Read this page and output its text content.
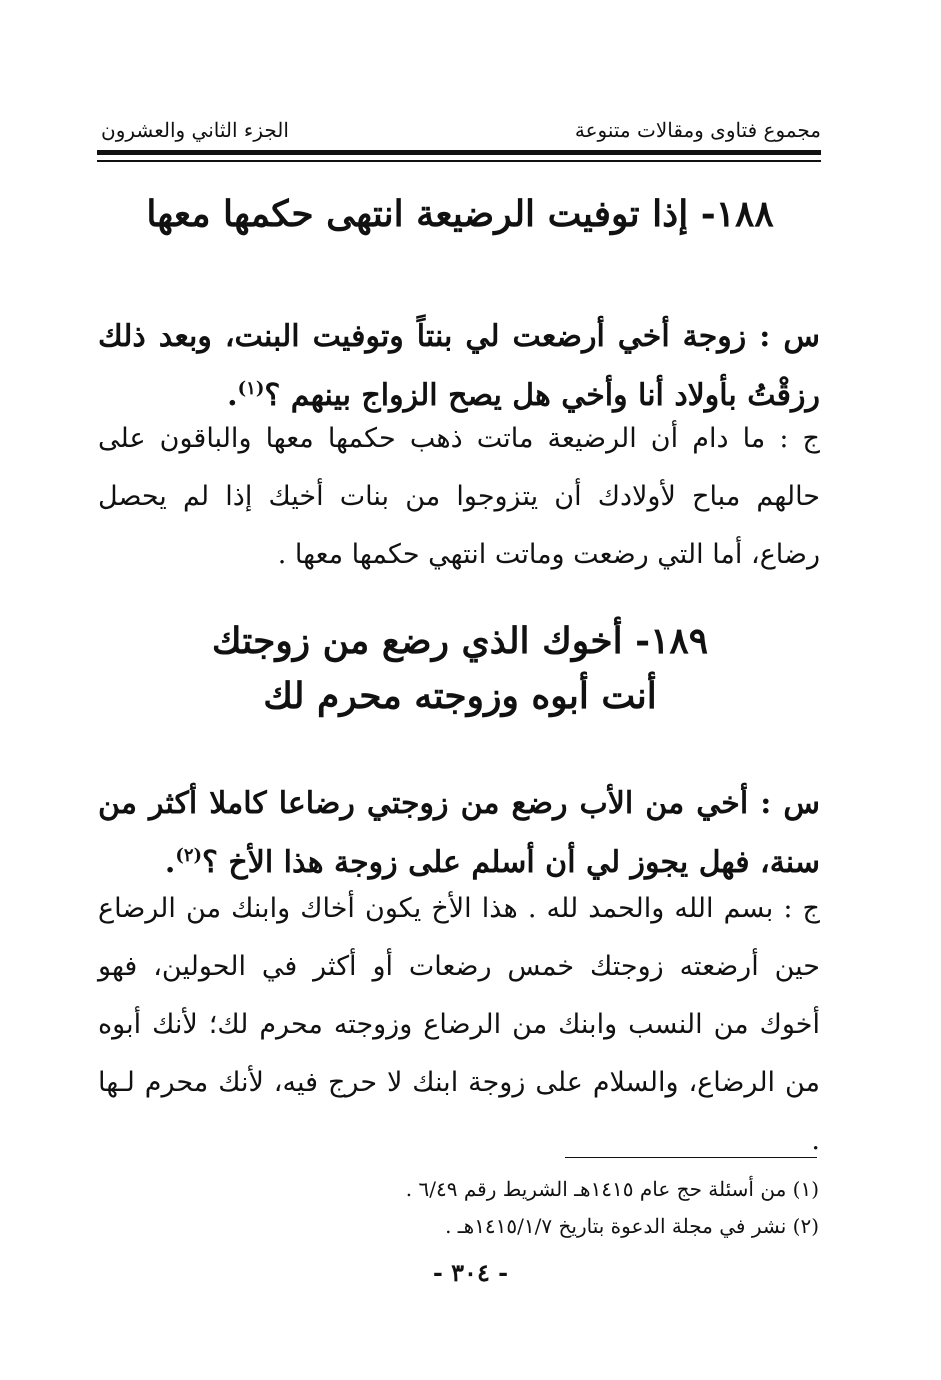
مجموع فتاوى ومقالات متنوعة
الجزء الثاني والعشرون
١٨٨- إذا توفيت الرضيعة انتهى حكمها معها
س : زوجة أخي أرضعت لي بنتاً وتوفيت البنت، وبعد ذلك رزقْتُ بأولاد أنا وأخي هل يصح الزواج بينهم ؟$^{(١)}$.
ج : ما دام أن الرضيعة ماتت ذهب حكمها معها والباقون على حالهم مباح لأولادك أن يتزوجوا من بنات أخيك إذا لم يحصل رضاع، أما التي رضعت وماتت انتهي حكمها معها .
١٨٩- أخوك الذي رضع من زوجتك
أنت أبوه وزوجته محرم لك
س : أخي من الأب رضع من زوجتي رضاعا كاملا أكثر من سنة، فهل يجوز لي أن أسلم على زوجة هذا الأخ ؟$^{(٢)}$.
ج : بسم الله والحمد لله . هذا الأخ يكون أخاك وابنك من الرضاع حين أرضعته زوجتك خمس رضعات أو أكثر في الحولين، فهو أخوك من النسب وابنك من الرضاع وزوجته محرم لك؛ لأنك أبوه من الرضاع، والسلام على زوجة ابنك لا حرج فيه، لأنك محرم لـها .
(١) من أسئلة حج عام ١٤١٥هـ الشريط رقم ٦/٤٩ .
(٢) نشر في مجلة الدعوة بتاريخ ١٤١٥/١/٧هـ .
- ٣٠٤ -
